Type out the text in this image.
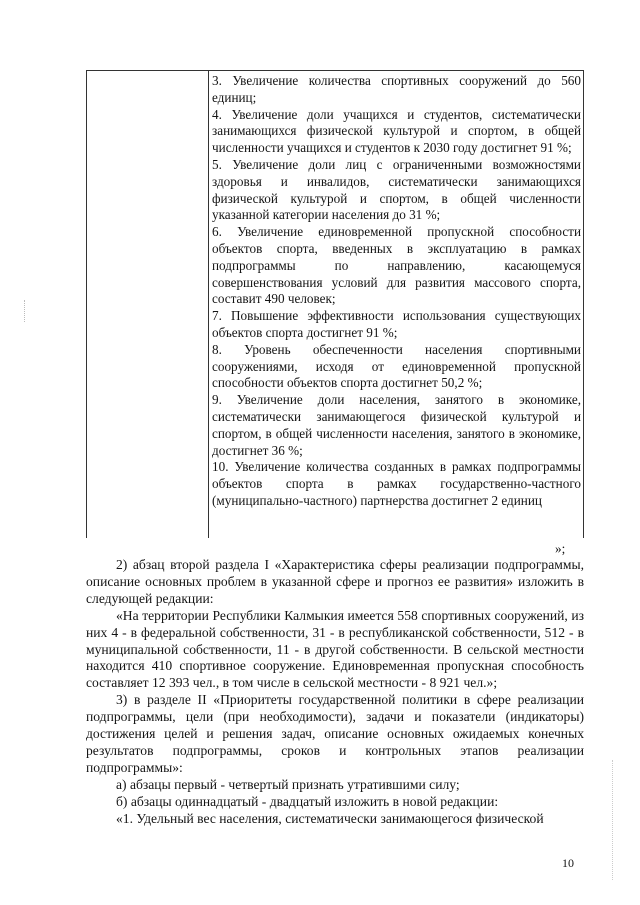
3. Увеличение количества спортивных сооружений до 560 единиц;

4. Увеличение доли учащихся и студентов, систематически занимающихся физической культурой и спортом, в общей численности учащихся и студентов к 2030 году достигнет 91 %;

5. Увеличение доли лиц с ограниченными возможностями здоровья и инвалидов, систематически занимающихся физической культурой и спортом, в общей численности указанной категории населения до 31 %;

6. Увеличение единовременной пропускной способности объектов спорта, введенных в эксплуатацию в рамках подпрограммы по направлению, касающемуся совершенствования условий для развития массового спорта, составит 490 человек;

7. Повышение эффективности использования существующих объектов спорта достигнет 91 %;

8. Уровень обеспеченности населения спортивными сооружениями, исходя от единовременной пропускной способности объектов спорта достигнет 50,2 %;

9. Увеличение доли населения, занятого в экономике, систематически занимающегося физической культурой и спортом, в общей численности населения, занятого в экономике, достигнет 36 %;

10. Увеличение количества созданных в рамках подпрограммы объектов спорта в рамках государственно-частного (муниципально-частного) партнерства достигнет 2 единиц

»;

2) абзац второй раздела I «Характеристика сферы реализации подпрограммы, описание основных проблем в указанной сфере и прогноз ее развития» изложить в следующей редакции:

«На территории Республики Калмыкия имеется 558 спортивных сооружений, из них 4 - в федеральной собственности, 31 - в республиканской собственности, 512 - в муниципальной собственности, 11 - в другой собственности. В сельской местности находится 410 спортивное сооружение. Единовременная пропускная способность составляет 12 393 чел., в том числе в сельской местности - 8 921 чел.»;

3) в разделе II «Приоритеты государственной политики в сфере реализации подпрограммы, цели (при необходимости), задачи и показатели (индикаторы) достижения целей и решения задач, описание основных ожидаемых конечных результатов подпрограммы, сроков и контрольных этапов реализации подпрограммы»:

а) абзацы первый - четвертый признать утратившими силу;

б) абзацы одиннадцатый - двадцатый изложить в новой редакции:

«1. Удельный вес населения, систематически занимающегося физической

10
